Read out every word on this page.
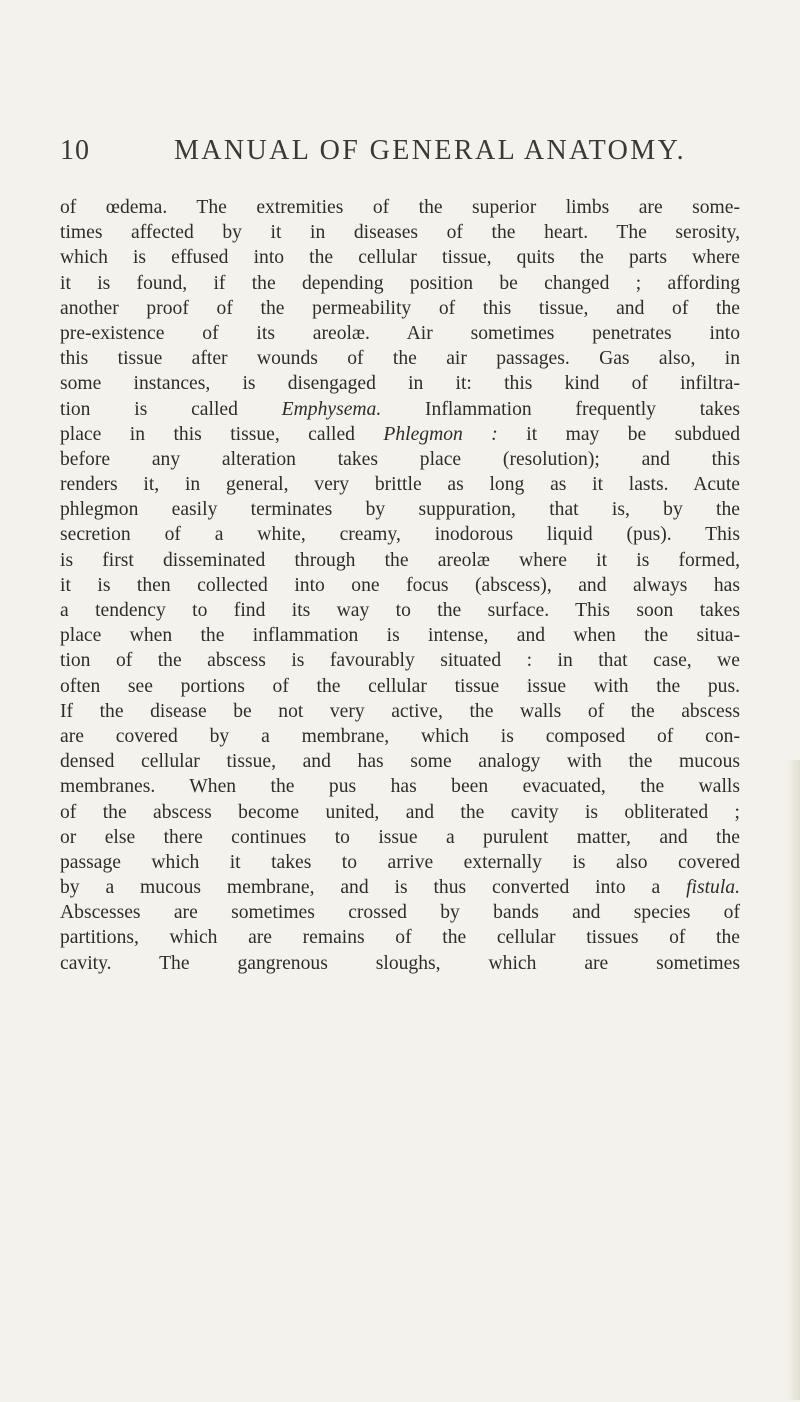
10	MANUAL OF GENERAL ANATOMY.
of œdema. The extremities of the superior limbs are some-
times affected by it in diseases of the heart. The serosity,
which is effused into the cellular tissue, quits the parts where
it is found, if the depending position be changed ; affording
another proof of the permeability of this tissue, and of the
pre-existence of its areolæ. Air sometimes penetrates into
this tissue after wounds of the air passages. Gas also, in
some instances, is disengaged in it: this kind of infiltra-
tion is called Emphysema. Inflammation frequently takes
place in this tissue, called Phlegmon : it may be subdued
before any alteration takes place (resolution); and this
renders it, in general, very brittle as long as it lasts. Acute
phlegmon easily terminates by suppuration, that is, by the
secretion of a white, creamy, inodorous liquid (pus). This
is first disseminated through the areolæ where it is formed,
it is then collected into one focus (abscess), and always has
a tendency to find its way to the surface. This soon takes
place when the inflammation is intense, and when the situa-
tion of the abscess is favourably situated : in that case, we
often see portions of the cellular tissue issue with the pus.
If the disease be not very active, the walls of the abscess
are covered by a membrane, which is composed of con-
densed cellular tissue, and has some analogy with the mucous
membranes. When the pus has been evacuated, the walls
of the abscess become united, and the cavity is obliterated ;
or else there continues to issue a purulent matter, and the
passage which it takes to arrive externally is also covered
by a mucous membrane, and is thus converted into a fistula.
Abscesses are sometimes crossed by bands and species of
partitions, which are remains of the cellular tissues of the
cavity. The gangrenous sloughs, which are sometimes
